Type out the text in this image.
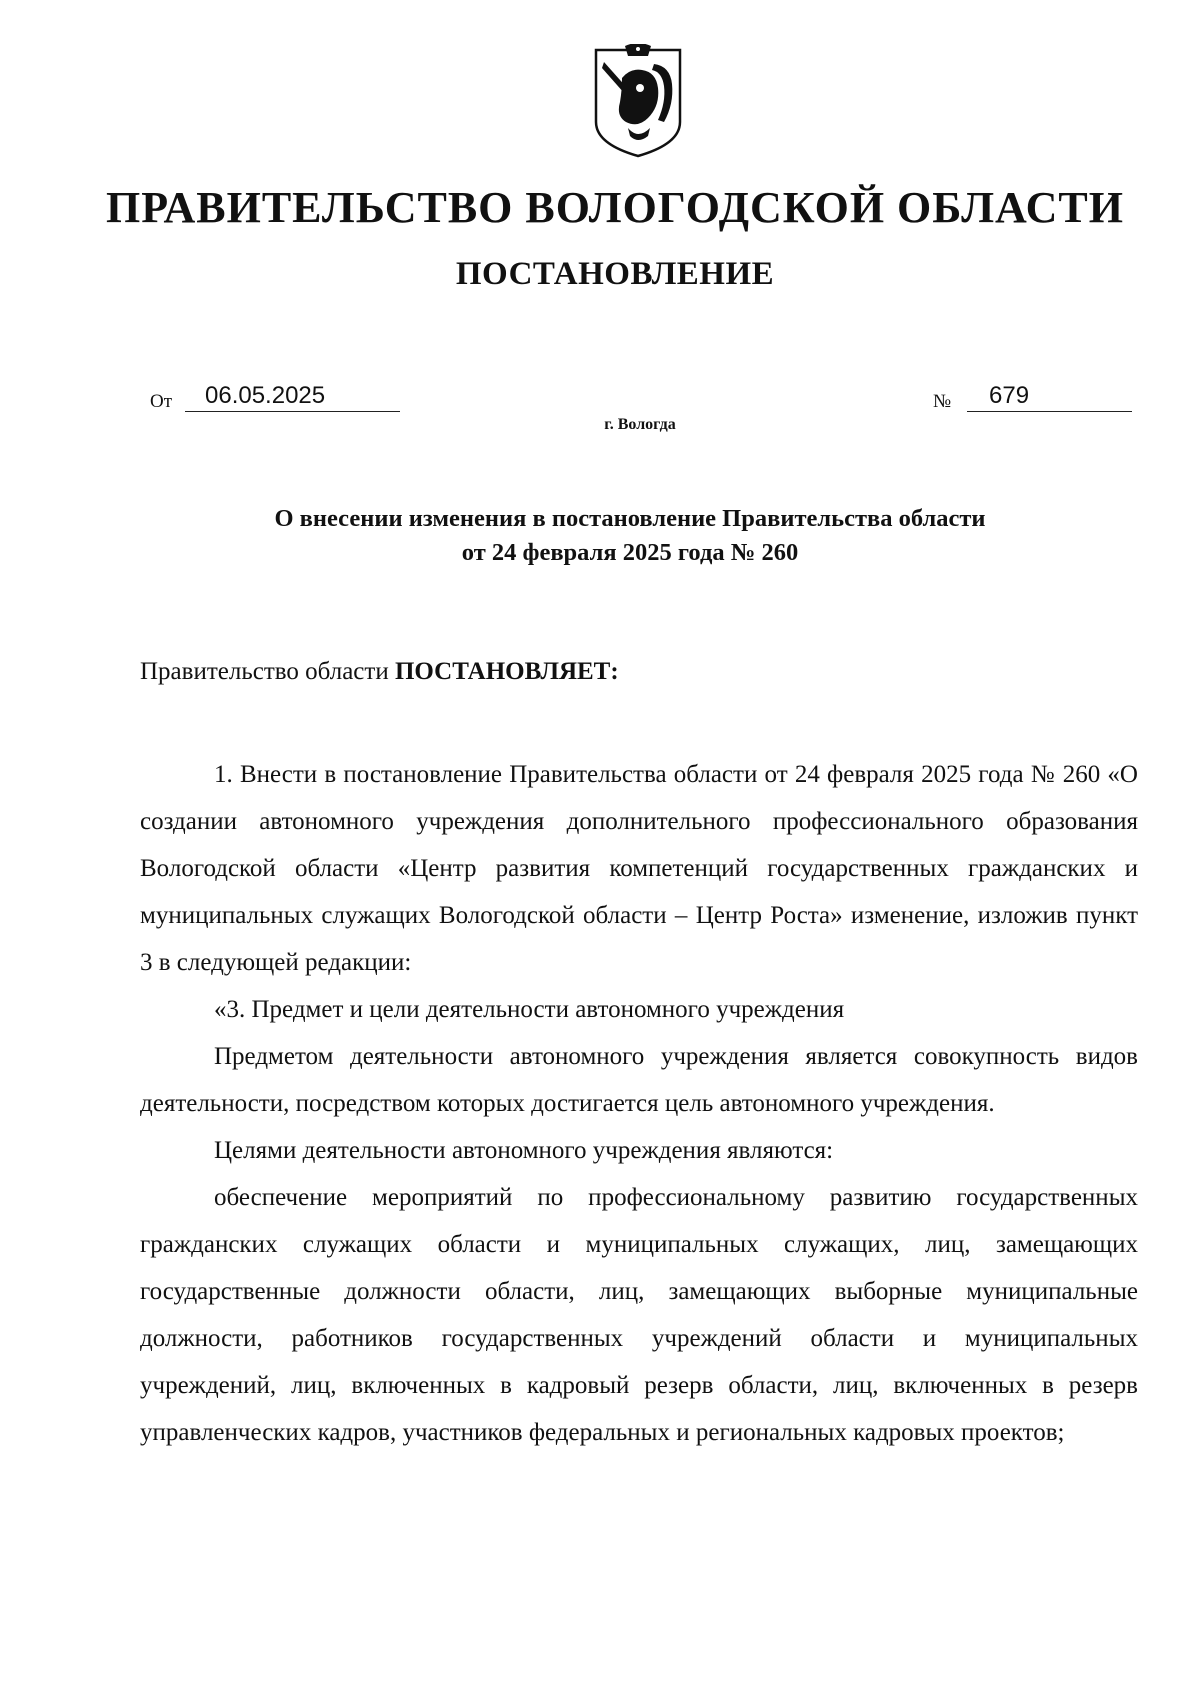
ПРАВИТЕЛЬСТВО ВОЛОГОДСКОЙ ОБЛАСТИ
ПОСТАНОВЛЕНИЕ
От	06.05.2025	№	679
г. Вологда
О внесении изменения в постановление Правительства области
от 24 февраля 2025 года № 260
Правительство области ПОСТАНОВЛЯЕТ:

1. Внести в постановление Правительства области от 24 февраля 2025 года № 260 «О создании автономного учреждения дополнительного профессионального образования Вологодской области «Центр развития компетенций государственных гражданских и муниципальных служащих Вологодской области – Центр Роста» изменение, изложив пункт 3 в следующей редакции:

«3. Предмет и цели деятельности автономного учреждения

Предметом деятельности автономного учреждения является совокупность видов деятельности, посредством которых достигается цель автономного учреждения.

Целями деятельности автономного учреждения являются:

обеспечение мероприятий по профессиональному развитию государственных гражданских служащих области и муниципальных служащих, лиц, замещающих государственные должности области, лиц, замещающих выборные муниципальные должности, работников государственных учреждений области и муниципальных учреждений, лиц, включенных в кадровый резерв области, лиц, включенных в резерв управленческих кадров, участников федеральных и региональных кадровых проектов;
